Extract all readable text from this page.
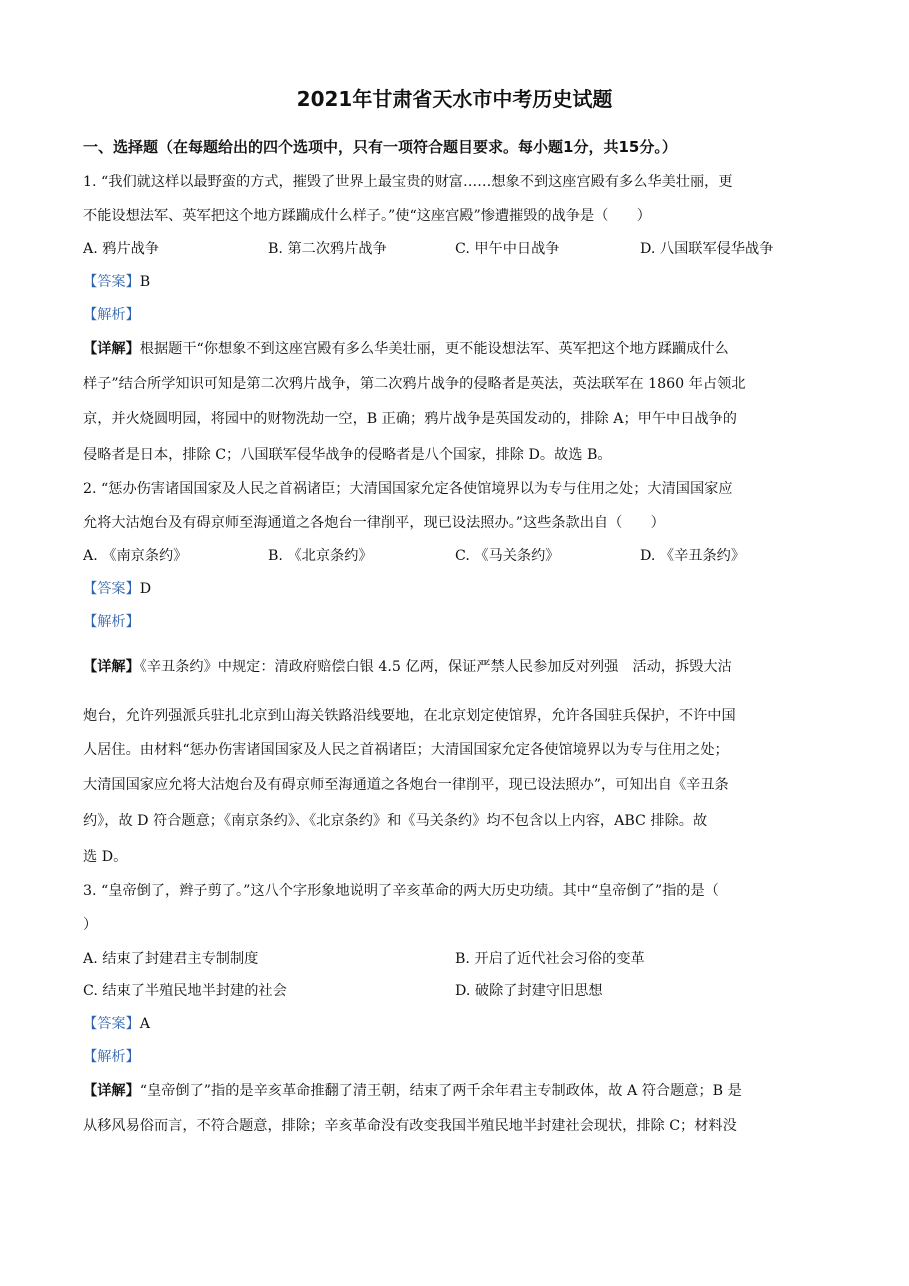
2021年甘肃省天水市中考历史试题
一、选择题（在每题给出的四个选项中，只有一项符合题目要求。每小题1分，共15分。）
1. “我们就这样以最野蛮的方式，摧毁了世界上最宝贵的财富……想象不到这座宫殿有多么华美壮丽，更
不能设想法军、英军把这个地方蹂躏成什么样子。”使“这座宫殿”惨遭摧毁的战争是（　　）
A. 鸦片战争	B. 第二次鸦片战争	C. 甲午中日战争	D. 八国联军侵华战争
【答案】B
【解析】
【详解】根据题干“你想象不到这座宫殿有多么华美壮丽，更不能设想法军、英军把这个地方蹂躏成什么
样子”结合所学知识可知是第二次鸦片战争，第二次鸦片战争的侵略者是英法，英法联军在 1860 年占领北
京，并火烧圆明园，将园中的财物洗劫一空，B 正确；鸦片战争是英国发动的，排除 A；甲午中日战争的
侵略者是日本，排除 C；八国联军侵华战争的侵略者是八个国家，排除 D。故选 B。
2. “惩办伤害诸国国家及人民之首祸诸臣；大清国国家允定各使馆境界以为专与住用之处；大清国国家应
允将大沽炮台及有碍京师至海通道之各炮台一律削平，现已设法照办。”这些条款出自（　　）
A. 《南京条约》	B. 《北京条约》	C. 《马关条约》	D. 《辛丑条约》
【答案】D
【解析】
【详解】《辛丑条约》中规定：清政府赔偿白银 4.5 亿两，保证严禁人民参加反对列强　活动，拆毁大沽
炮台，允许列强派兵驻扎北京到山海关铁路沿线要地，在北京划定使馆界，允许各国驻兵保护，不许中国
人居住。由材料“惩办伤害诸国国家及人民之首祸诸臣；大清国国家允定各使馆境界以为专与住用之处；
大清国国家应允将大沽炮台及有碍京师至海通道之各炮台一律削平，现已设法照办”，可知出自《辛丑条
约》，故 D 符合题意；《南京条约》、《北京条约》和《马关条约》均不包含以上内容，ABC 排除。故
选 D。
3. “皇帝倒了，辫子剪了。”这八个字形象地说明了辛亥革命的两大历史功绩。其中“皇帝倒了”指的是（
）
A. 结束了封建君主专制制度	B. 开启了近代社会习俗的变革
C. 结束了半殖民地半封建的社会	D. 破除了封建守旧思想
【答案】A
【解析】
【详解】“皇帝倒了”指的是辛亥革命推翻了清王朝，结束了两千余年君主专制政体，故 A 符合题意；B 是
从移风易俗而言，不符合题意，排除；辛亥革命没有改变我国半殖民地半封建社会现状，排除 C；材料没
